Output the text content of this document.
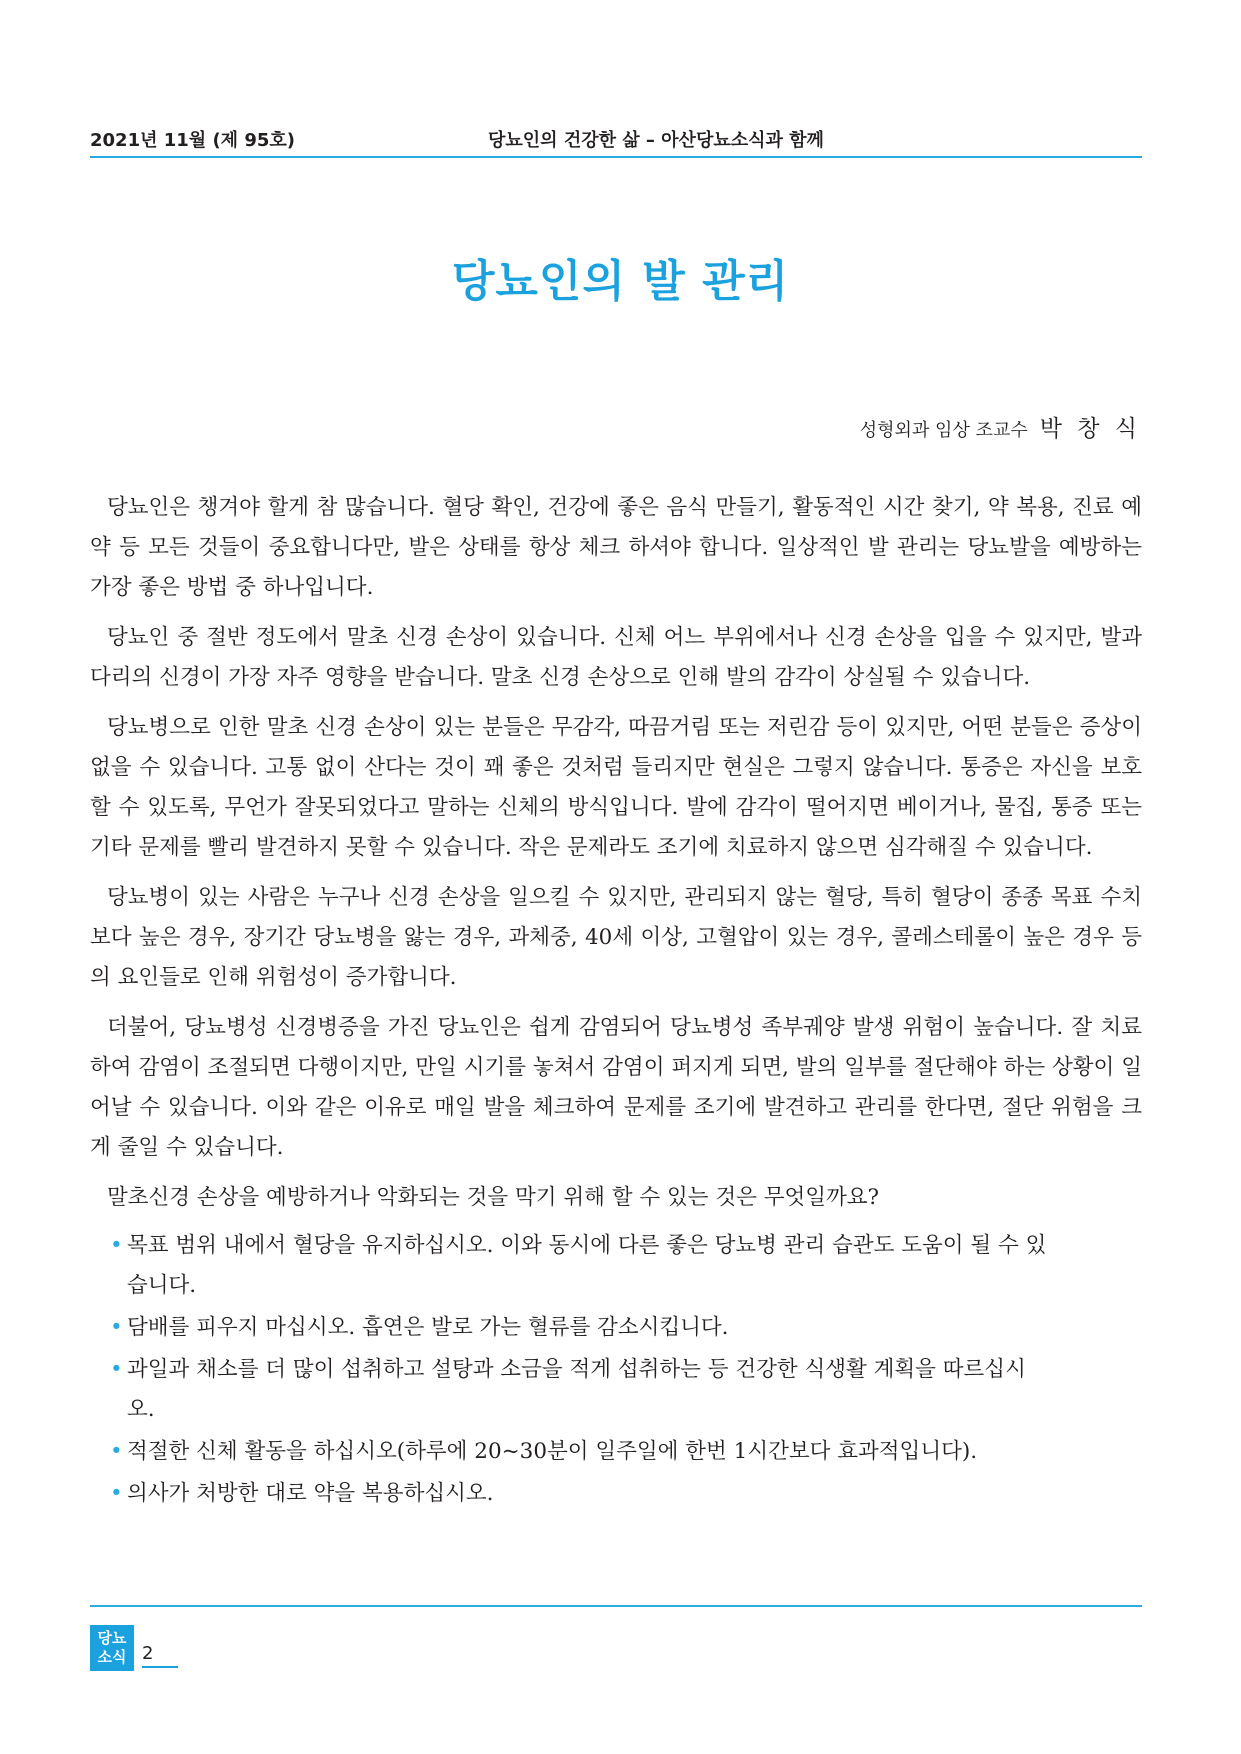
2021년 11월 (제 95호)	당뇨인의 건강한 삶 – 아산당뇨소식과 함께
당뇨인의 발 관리
성형외과 임상 조교수 박 창 식

당뇨인은 챙겨야 할게 참 많습니다. 혈당 확인, 건강에 좋은 음식 만들기, 활동적인 시간 찾기, 약 복용, 진료 예약 등 모든 것들이 중요합니다만, 발은 상태를 항상 체크 하셔야 합니다. 일상적인 발 관리는 당뇨발을 예방하는 가장 좋은 방법 중 하나입니다.

당뇨인 중 절반 정도에서 말초 신경 손상이 있습니다. 신체 어느 부위에서나 신경 손상을 입을 수 있지만, 발과 다리의 신경이 가장 자주 영향을 받습니다. 말초 신경 손상으로 인해 발의 감각이 상실될 수 있습니다.

당뇨병으로 인한 말초 신경 손상이 있는 분들은 무감각, 따끔거림 또는 저린감 등이 있지만, 어떤 분들은 증상이 없을 수 있습니다. 고통 없이 산다는 것이 꽤 좋은 것처럼 들리지만 현실은 그렇지 않습니다. 통증은 자신을 보호 할 수 있도록, 무언가 잘못되었다고 말하는 신체의 방식입니다. 발에 감각이 떨어지면 베이거나, 물집, 통증 또는 기타 문제를 빨리 발견하지 못할 수 있습니다. 작은 문제라도 조기에 치료하지 않으면 심각해질 수 있습니다.

당뇨병이 있는 사람은 누구나 신경 손상을 일으킬 수 있지만, 관리되지 않는 혈당, 특히 혈당이 종종 목표 수치보다 높은 경우, 장기간 당뇨병을 앓는 경우, 과체중, 40세 이상, 고혈압이 있는 경우, 콜레스테롤이 높은 경우 등의 요인들로 인해 위험성이 증가합니다.

더불어, 당뇨병성 신경병증을 가진 당뇨인은 쉽게 감염되어 당뇨병성 족부궤양 발생 위험이 높습니다. 잘 치료하여 감염이 조절되면 다행이지만, 만일 시기를 놓쳐서 감염이 퍼지게 되면, 발의 일부를 절단해야 하는 상황이 일어날 수 있습니다. 이와 같은 이유로 매일 발을 체크하여 문제를 조기에 발견하고 관리를 한다면, 절단 위험을 크게 줄일 수 있습니다.

말초신경 손상을 예방하거나 악화되는 것을 막기 위해 할 수 있는 것은 무엇일까요?

• 목표 범위 내에서 혈당을 유지하십시오. 이와 동시에 다른 좋은 당뇨병 관리 습관도 도움이 될 수 있습니다.
• 담배를 피우지 마십시오. 흡연은 발로 가는 혈류를 감소시킵니다.
• 과일과 채소를 더 많이 섭취하고 설탕과 소금을 적게 섭취하는 등 건강한 식생활 계획을 따르십시오.
• 적절한 신체 활동을 하십시오(하루에 20~30분이 일주일에 한번 1시간보다 효과적입니다).
• 의사가 처방한 대로 약을 복용하십시오.
당뇨
소식 2
